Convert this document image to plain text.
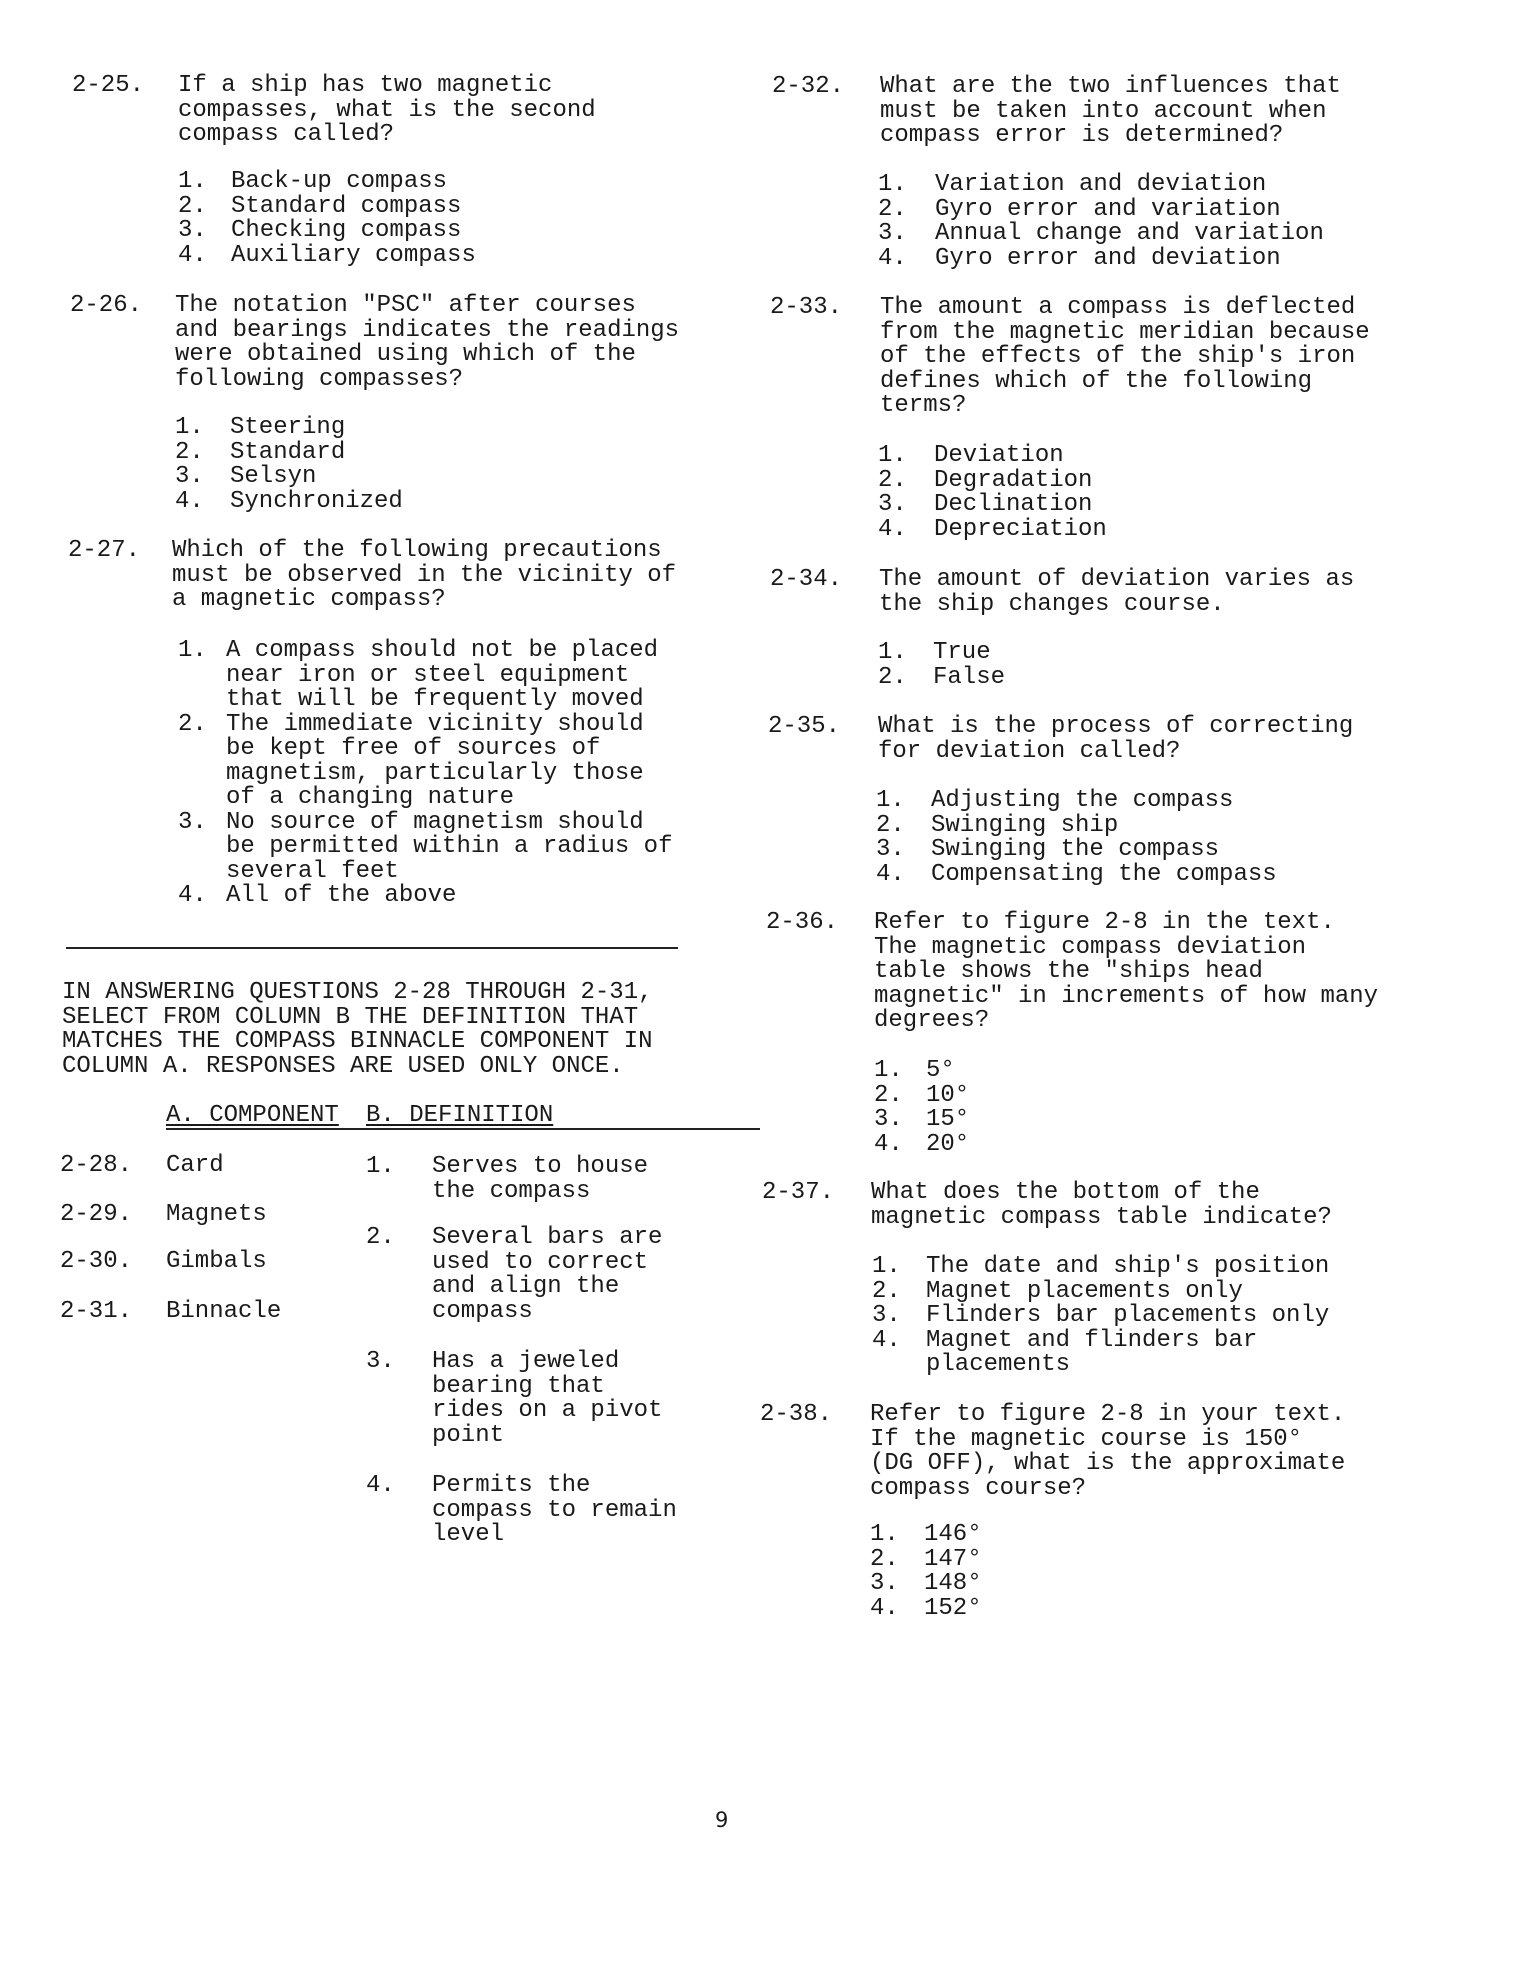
IN ANSWERING QUESTIONS 2-28 THROUGH 2-31,
SELECT FROM COLUMN B THE DEFINITION THAT
MATCHES THE COMPASS BINNACLE COMPONENT IN
COLUMN A. RESPONSES ARE USED ONLY ONCE.
A. COMPONENT B. DEFINITION
9
2-25. If a ship has two magnetic
compasses, what is the second
compass called?
1. Back-up compass
2. Standard compass
3. Checking compass
4. Auxiliary compass
2-26. The notation "PSC" after courses
and bearings indicates the readings
were obtained using which of the
following compasses?
1. Steering
2. Standard
3. Selsyn
4. Synchronized
2-27. Which of the following precautions
must be observed in the vicinity of
a magnetic compass?
1. A compass should not be placed
near iron or steel equipment
that will be frequently moved
2. The immediate vicinity should
be kept free of sources of
magnetism, particularly those
of a changing nature
3. No source of magnetism should
be permitted within a radius of
several feet
4. All of the above
2-32. What are the two influences that
must be taken into account when
compass error is determined?
1. Variation and deviation
2. Gyro error and variation
3. Annual change and variation
4. Gyro error and deviation
2-33. The amount a compass is deflected
from the magnetic meridian because
of the effects of the ship's iron
defines which of the following
terms?
1. Deviation
2. Degradation
3. Declination
4. Depreciation
2-34. The amount of deviation varies as
the ship changes course.
1. True
2. False
2-35. What is the process of correcting
for deviation called?
1. Adjusting the compass
2. Swinging ship
3. Swinging the compass
4. Compensating the compass
2-36. Refer to figure 2-8 in the text.
The magnetic compass deviation
table shows the "ships head
magnetic" in increments of how many
degrees?
1. 5°
2. 10°
3. 15°
4. 20°
2-37. What does the bottom of the
magnetic compass table indicate?
1. The date and ship's position
2. Magnet placements only
3. Flinders bar placements only
4. Magnet and flinders bar
placements
2-38. Refer to figure 2-8 in your text.
If the magnetic course is 150°
(DG OFF), what is the approximate
compass course?
1. 146°
2. 147°
3. 148°
4. 152°
2-28. Card
2-29. Magnets
2-30. Gimbals
2-31. Binnacle
1. Serves to house
the compass
2. Several bars are
used to correct
and align the
compass
3. Has a jeweled
bearing that
rides on a pivot
point
4. Permits the
compass to remain
level
